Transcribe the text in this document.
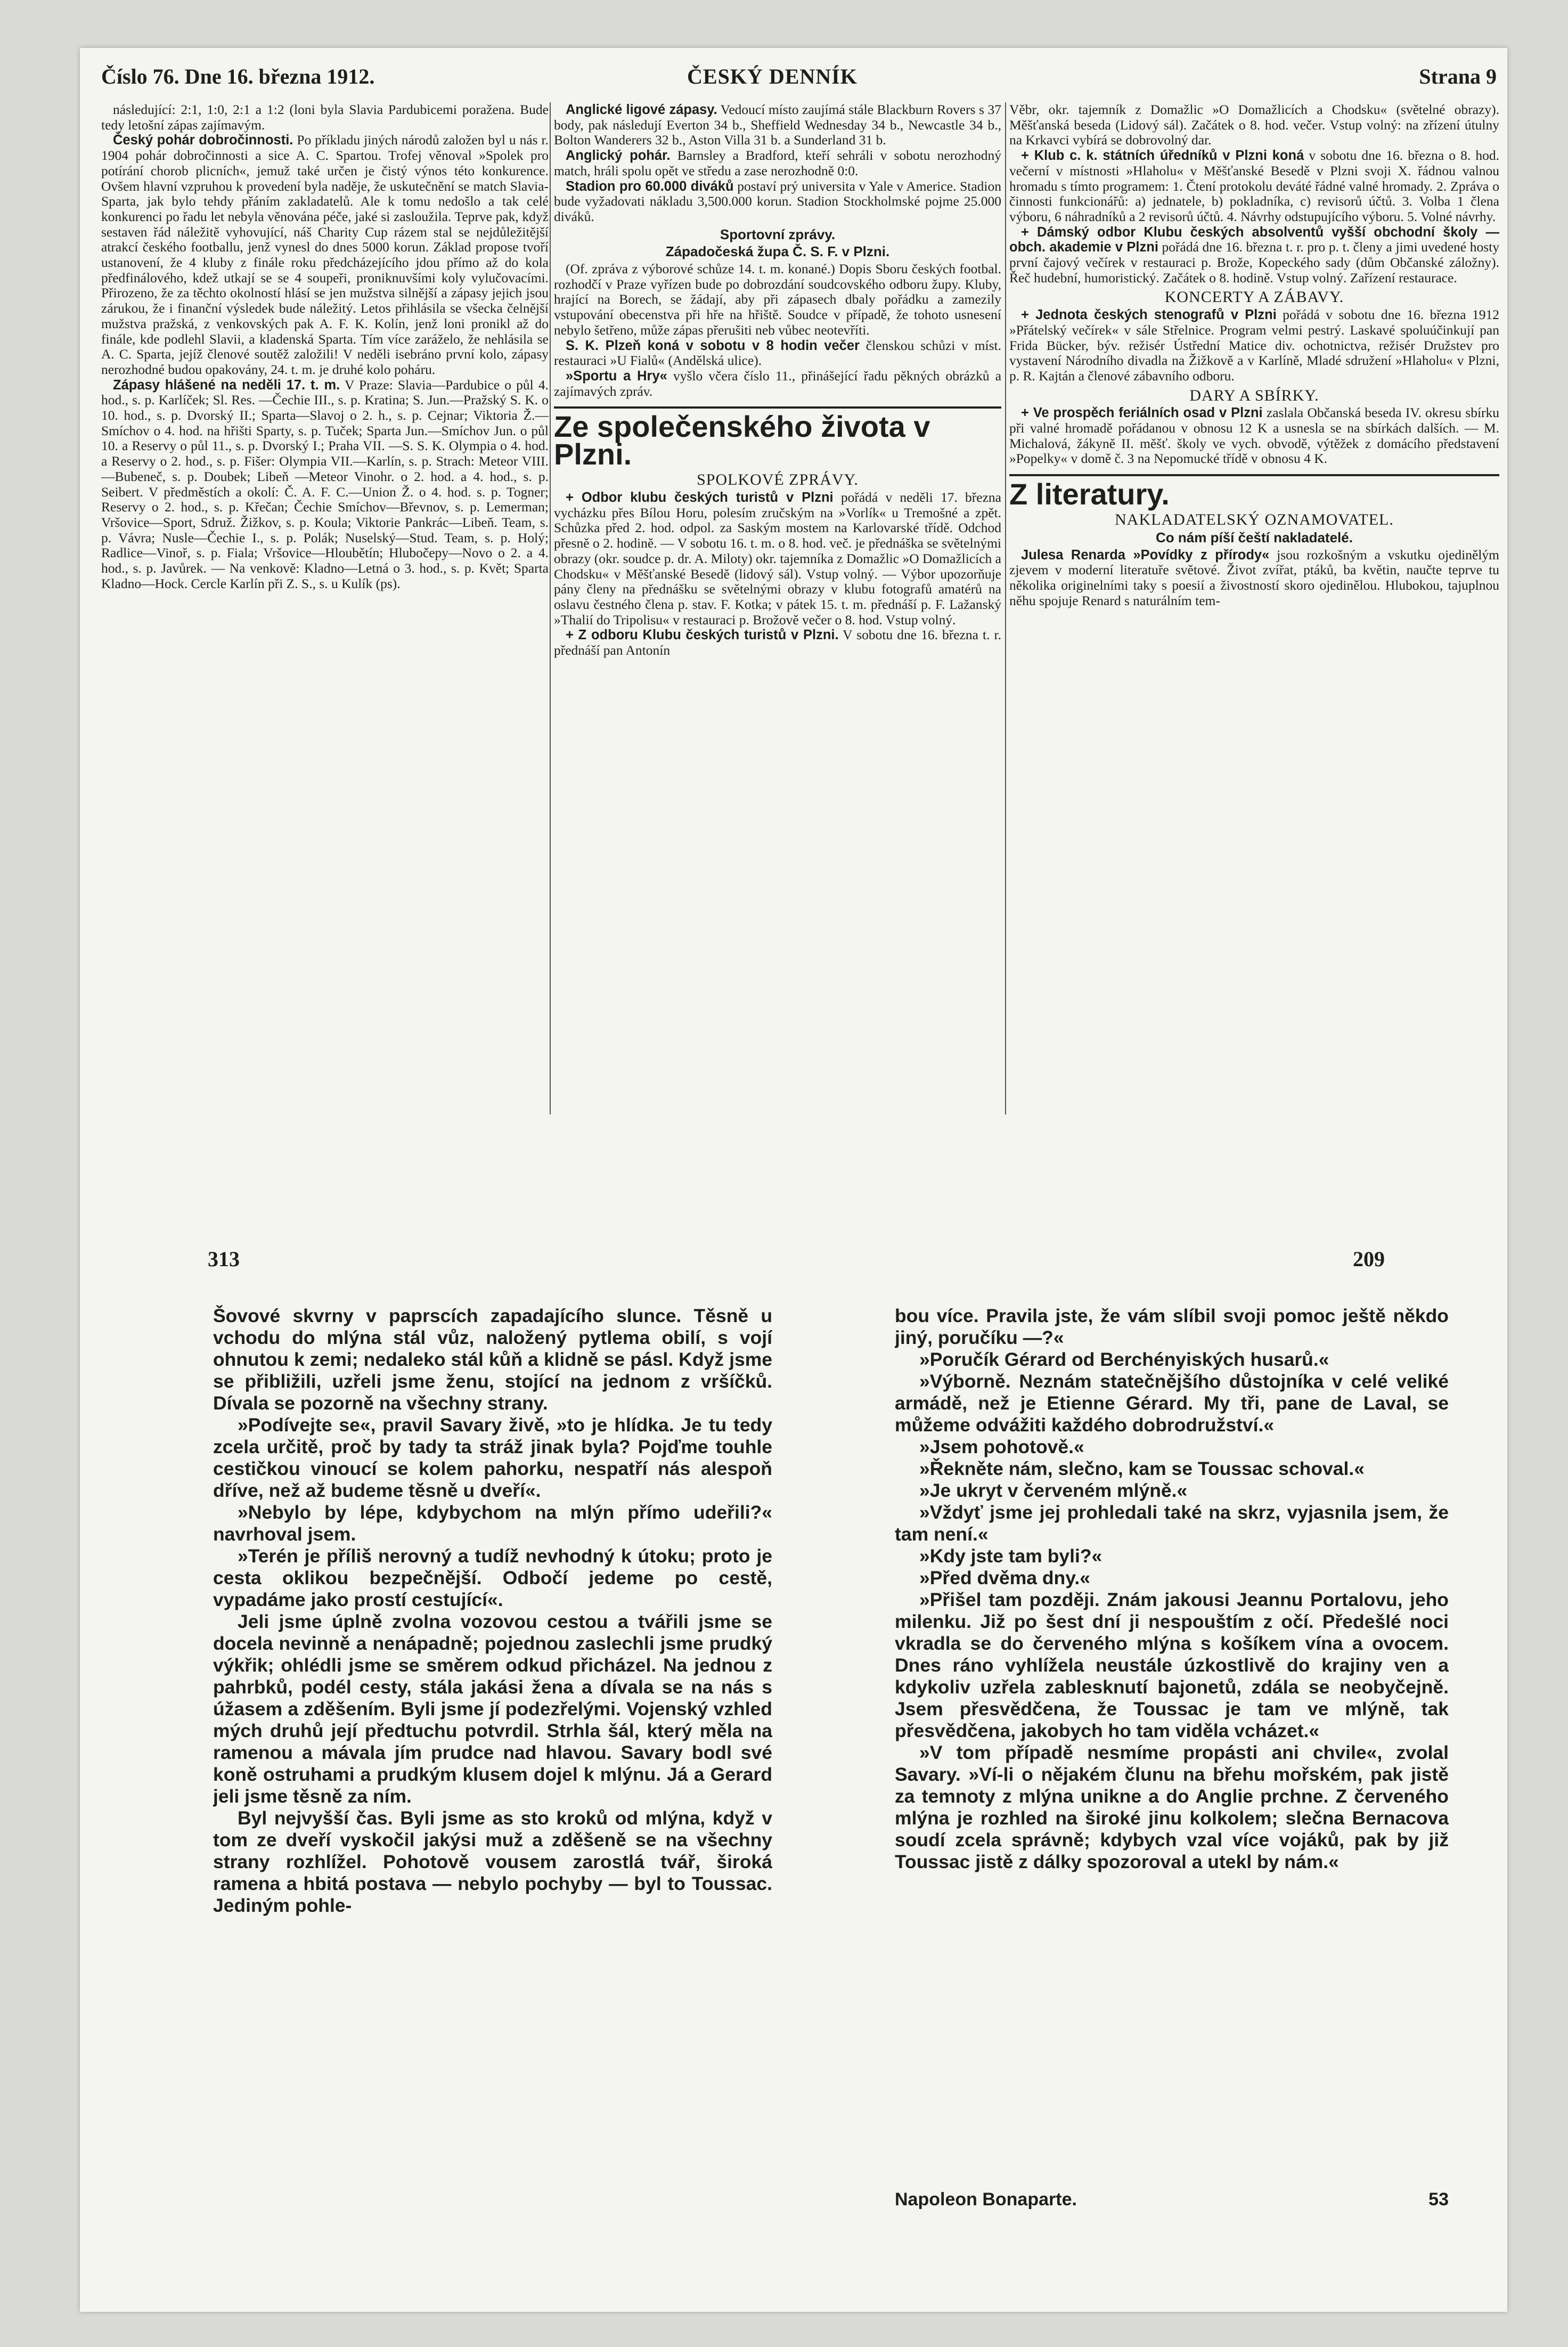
Číslo 76. Dne 16. března 1912.	ČESKÝ DENNÍK	Strana 9

následující: 2:1, 1:0, 2:1 a 1:2 (loni byla Slavia Pardubicemi poražena. Bude tedy letošní zápas zajímavým.

Český pohár dobročinnosti. Po příkladu jiných národů založen byl u nás r. 1904 pohár dobročinnosti a sice A. C. Spartou. Trofej věnoval »Spolek pro potírání chorob plicních«, jemuž také určen je čistý výnos této konkurence. Ovšem hlavní vzpruhou k provedení byla naděje, že uskutečnění se match Slavia-Sparta, jak bylo tehdy přáním zakladatelů. Ale k tomu nedošlo a tak celé konkurenci po řadu let nebyla věnována péče, jaké si zasloužila. Teprve pak, když sestaven řád náležitě vyhovující, náš Charity Cup rázem stal se nejdůležitější atrakcí českého footballu, jenž vynesl do dnes 5000 korun. Základ propose tvoří ustanovení, že 4 kluby z finále roku předcházejícího jdou přímo až do kola předfinálového, kdež utkají se se 4 soupeři, proniknuvšími koly vylučovacími. Přirozeno, že za těchto okolností hlásí se jen mužstva silnější a zápasy jejich jsou zárukou, že i finanční výsledek bude náležitý. Letos přihlásila se všecka čelnější mužstva pražská, z venkovských pak A. F. K. Kolín, jenž loni pronikl až do finále, kde podlehl Slavii, a kladenská Sparta. Tím více zaráželo, že nehlásila se A. C. Sparta, jejíž členové soutěž založili! V neděli isebráno první kolo, zápasy nerozhodné budou opakovány, 24. t. m. je druhé kolo poháru.

Zápasy hlášené na neděli 17. t. m. V Praze: Slavia—Pardubice o půl 4. hod., s. p. Karlíček; Sl. Res. —Čechie III., s. p. Kratina; S. Jun.—Pražský S. K. o 10. hod., s. p. Dvorský II.; Sparta—Slavoj o 2. h., s. p. Cejnar; Viktoria Ž.—Smíchov o 4. hod. na hřišti Sparty, s. p. Tuček; Sparta Jun.—Smíchov Jun. o půl 10. a Reservy o půl 11., s. p. Dvorský I.; Praha VII. —S. S. K. Olympia o 4. hod. a Reservy o 2. hod., s. p. Fišer: Olympia VII.—Karlín, s. p. Strach: Meteor VIII.—Bubeneč, s. p. Doubek; Libeň —Meteor Vinohr. o 2. hod. a 4. hod., s. p. Seibert. V předměstích a okolí: Č. A. F. C.—Union Ž. o 4. hod. s. p. Togner; Reservy o 2. hod., s. p. Křečan; Čechie Smíchov—Břevnov, s. p. Lemerman; Vršovice—Sport, Sdruž. Žižkov, s. p. Koula; Viktorie Pankrác—Libeň. Team, s. p. Vávra; Nusle—Čechie I., s. p. Polák; Nuselský—Stud. Team, s. p. Holý; Radlice—Vinoř, s. p. Fiala; Vršovice—Hloubětín; Hlubočepy—Novo o 2. a 4. hod., s. p. Javůrek. — Na venkově: Kladno—Letná o 3. hod., s. p. Květ; Sparta Kladno—Hock. Cercle Karlín při Z. S., s. u Kulík (ps).

Anglické ligové zápasy. Vedoucí místo zaujímá stále Blackburn Rovers s 37 body, pak následují Everton 34 b., Sheffield Wednesday 34 b., Newcastle 34 b., Bolton Wanderers 32 b., Aston Villa 31 b. a Sunderland 31 b.

Anglický pohár. Barnsley a Bradford, kteří sehráli v sobotu nerozhodný match, hráli spolu opět ve středu a zase nerozhodně 0:0.

Stadion pro 60.000 diváků postaví prý universita v Yale v Americe. Stadion bude vyžadovati nákladu 3,500.000 korun. Stadion Stockholmské pojme 25.000 diváků.

Sportovní zprávy.
Západočeská župa Č. S. F. v Plzni.

(Of. zpráva z výborové schůze 14. t. m. konané.) Dopis Sboru českých footbal. rozhodčí v Praze vyřízen bude po dobrozdání soudcovského odboru župy. Kluby, hrající na Borech, se žádají, aby při zápasech dbaly pořádku a zamezily vstupování obecenstva při hře na hřiště. Soudce v případě, že tohoto usnesení nebylo šetřeno, může zápas přerušiti neb vůbec neotevříti.

S. K. Plzeň koná v sobotu v 8 hodin večer členskou schůzi v míst. restauraci »U Fialů« (Andělská ulice).

»Sportu a Hry« vyšlo včera číslo 11., přinášející řadu pěkných obrázků a zajímavých zpráv.

Ze společenského života v Plzni.
SPOLKOVÉ ZPRÁVY.

+ Odbor klubu českých turistů v Plzni pořádá v neděli 17. března vycházku přes Bílou Horu, polesím zručským na »Vorlík« u Tremošné a zpět. Schůzka před 2. hod. odpol. za Saským mostem na Karlovarské třídě. Odchod přesně o 2. hodině. — V sobotu 16. t. m. o 8. hod. več. je přednáška se světelnými obrazy (okr. soudce p. dr. A. Miloty) okr. tajemníka z Domažlic »O Domažlicích a Chodsku« v Měšťanské Besedě (lidový sál). Vstup volný. — Výbor upozorňuje pány členy na přednášku se světelnými obrazy v klubu fotografů amatérů na oslavu čestného člena p. stav. F. Kotka; v pátek 15. t. m. přednáší p. F. Lažanský »Thalií do Tripolisu« v restauraci p. Brožově večer o 8. hod. Vstup volný.

+ Z odboru Klubu českých turistů v Plzni. V sobotu dne 16. března t. r. přednáší pan Antonín

Věbr, okr. tajemník z Domažlic »O Domažlicích a Chodsku« (světelné obrazy). Měšťanská beseda (Lidový sál). Začátek o 8. hod. večer. Vstup volný: na zřízení útulny na Krkavci vybírá se dobrovolný dar.

+ Klub c. k. státních úředníků v Plzni koná v sobotu dne 16. března o 8. hod. večerní v místnosti »Hlaholu« v Měšťanské Besedě v Plzni svoji X. řádnou valnou hromadu s tímto programem: 1. Čtení protokolu deváté řádné valné hromady. 2. Zpráva o činnosti funkcionářů: a) jednatele, b) pokladníka, c) revisorů účtů. 3. Volba 1 člena výboru, 6 náhradníků a 2 revisorů účtů. 4. Návrhy odstupujícího výboru. 5. Volné návrhy.

+ Dámský odbor Klubu českých absolventů vyšší obchodní školy — obch. akademie v Plzni pořádá dne 16. března t. r. pro p. t. členy a jimi uvedené hosty první čajový večírek v restauraci p. Brože, Kopeckého sady (dům Občanské záložny). Řeč hudební, humoristický. Začátek o 8. hodině. Vstup volný. Zařízení restaurace.

KONCERTY A ZÁBAVY.

+ Jednota českých stenografů v Plzni pořádá v sobotu dne 16. března 1912 »Přátelský večírek« v sále Střelnice. Program velmi pestrý. Laskavé spoluúčinkují pan Frida Bücker, býv. režisér Ústřední Matice div. ochotnictva, režisér Družstev pro vystavení Národního divadla na Žižkově a v Karlíně, Mladé sdružení »Hlaholu« v Plzni, p. R. Kajtán a členové zábavního odboru.

DARY A SBÍRKY.

+ Ve prospěch feriálních osad v Plzni zaslala Občanská beseda IV. okresu sbírku při valné hromadě pořádanou v obnosu 12 K a usnesla se na sbírkách dalších. — M. Michalová, žákyně II. měšť. školy ve vych. obvodě, výtěžek z domácího představení »Popelky« v domě č. 3 na Nepomucké třídě v obnosu 4 K.

Z literatury.
NAKLADATELSKÝ OZNAMOVATEL.
Co nám píší čeští nakladatelé.

Julesa Renarda »Povídky z přírody« jsou rozkošným a vskutku ojedinělým zjevem v moderní literatuře světové. Život zvířat, ptáků, ba květin, naučte teprve tu několika originelními taky s poesií a živostností skoro ojedinělou. Hlubokou, tajuplnou něhu spojuje Renard s naturálním tem-

313	209

Šovové skvrny v paprscích zapadajícího slunce. Těsně u vchodu do mlýna stál vůz, naložený pytlema obilí, s vojí ohnutou k zemi; nedaleko stál kůň a klidně se pásl. Když jsme se přibližili, uzřeli jsme ženu, stojící na jednom z vršíčků. Dívala se pozorně na všechny strany.

»Podívejte se«, pravil Savary živě, »to je hlídka. Je tu tedy zcela určitě, proč by tady ta stráž jinak byla? Pojďme touhle cestičkou vinoucí se kolem pahorku, nespatří nás alespoň dříve, než až budeme těsně u dveří«.

»Nebylo by lépe, kdybychom na mlýn přímo udeřili?« navrhoval jsem.

»Terén je příliš nerovný a tudíž nevhodný k útoku; proto je cesta oklikou bezpečnější. Odbočí jedeme po cestě, vypadáme jako prostí cestující«.

Jeli jsme úplně zvolna vozovou cestou a tvářili jsme se docela nevinně a nenápadně; pojednou zaslechli jsme prudký výkřik; ohlédli jsme se směrem odkud přicházel. Na jednou z pahrbků, podél cesty, stála jakási žena a dívala se na nás s úžasem a zděšením. Byli jsme jí podezřelými. Vojenský vzhled mých druhů její předtuchu potvrdil. Strhla šál, který měla na ramenou a mávala jím prudce nad hlavou. Savary bodl své koně ostruhami a prudkým klusem dojel k mlýnu. Já a Gerard jeli jsme těsně za ním.

Byl nejvyšší čas. Byli jsme as sto kroků od mlýna, když v tom ze dveří vyskočil jakýsi muž a zděšeně se na všechny strany rozhlížel. Pohotově vousem zarostlá tvář, široká ramena a hbitá postava — nebylo pochyby — byl to Toussac. Jediným pohle-

bou více. Pravila jste, že vám slíbil svoji pomoc ještě někdo jiný, poručíku —?«

»Poručík Gérard od Berchényiských husarů.«

»Výborně. Neznám statečnějšího důstojníka v celé veliké armádě, než je Etienne Gérard. My tři, pane de Laval, se můžeme odvážiti každého dobrodružství.«

»Jsem pohotově.«

»Řekněte nám, slečno, kam se Toussac schoval.«

»Je ukryt v červeném mlýně.«

»Vždyť jsme jej prohledali také na skrz, vyjasnila jsem, že tam není.«

»Kdy jste tam byli?«

»Před dvěma dny.«

»Přišel tam později. Znám jakousi Jeannu Portalovu, jeho milenku. Již po šest dní ji nespouštím z očí. Předešlé noci vkradla se do červeného mlýna s košíkem vína a ovocem. Dnes ráno vyhlížela neustále úzkostlivě do krajiny ven a kdykoliv uzřela zablesknutí bajonetů, zdála se neobyčejně. Jsem přesvědčena, že Toussac je tam ve mlýně, tak přesvědčena, jakobych ho tam viděla vcházet.«

»V tom případě nesmíme propásti ani chvile«, zvolal Savary. »Ví-li o nějakém člunu na břehu mořském, pak jistě za temnoty z mlýna unikne a do Anglie prchne. Z červeného mlýna je rozhled na široké jinu kolkolem; slečna Bernacova soudí zcela správně; kdybych vzal více vojáků, pak by již Toussac jistě z dálky spozoroval a utekl by nám.«

Napoleon Bonaparte.	53
